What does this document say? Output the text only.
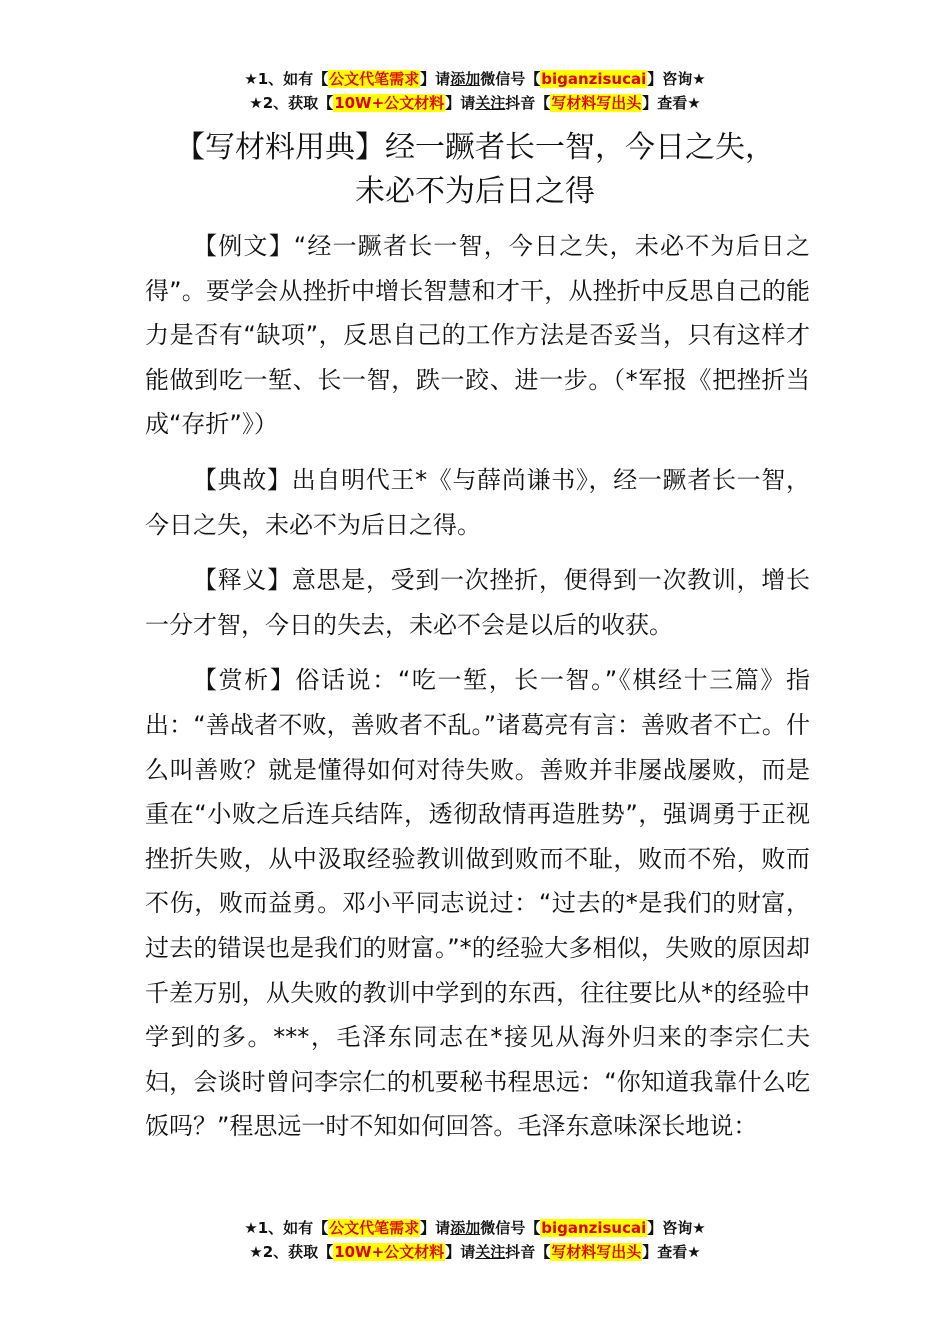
★1、如有【公文代笔需求】请添加微信号【biganzisucai】咨询★
★2、获取【10W+公文材料】请关注抖音【写材料写出头】查看★
【写材料用典】经一蹶者长一智，今日之失，
未必不为后日之得

【例文】“经一蹶者长一智，今日之失，未必不为后日之得”。要学会从挫折中增长智慧和才干，从挫折中反思自己的能力是否有“缺项”，反思自己的工作方法是否妥当，只有这样才能做到吃一堑、长一智，跌一跤、进一步。（*军报《把挫折当成“存折”》）

【典故】出自明代王*《与薛尚谦书》，经一蹶者长一智，今日之失，未必不为后日之得。

【释义】意思是，受到一次挫折，便得到一次教训，增长一分才智，今日的失去，未必不会是以后的收获。

【赏析】俗话说：“吃一堑，长一智。”《棋经十三篇》指出：“善战者不败，善败者不乱。”诸葛亮有言：善败者不亡。什么叫善败？就是懂得如何对待失败。善败并非屡战屡败，而是重在“小败之后连兵结阵，透彻敌情再造胜势”，强调勇于正视挫折失败，从中汲取经验教训做到败而不耻，败而不殆，败而不伤，败而益勇。邓小平同志说过：“过去的*是我们的财富，过去的错误也是我们的财富。”*的经验大多相似，失败的原因却千差万别，从失败的教训中学到的东西，往往要比从*的经验中学到的多。***，毛泽东同志在*接见从海外归来的李宗仁夫妇，会谈时曾问李宗仁的机要秘书程思远：“你知道我靠什么吃饭吗？”程思远一时不知如何回答。毛泽东意味深长地说：

★1、如有【公文代笔需求】请添加微信号【biganzisucai】咨询★
★2、获取【10W+公文材料】请关注抖音【写材料写出头】查看★
